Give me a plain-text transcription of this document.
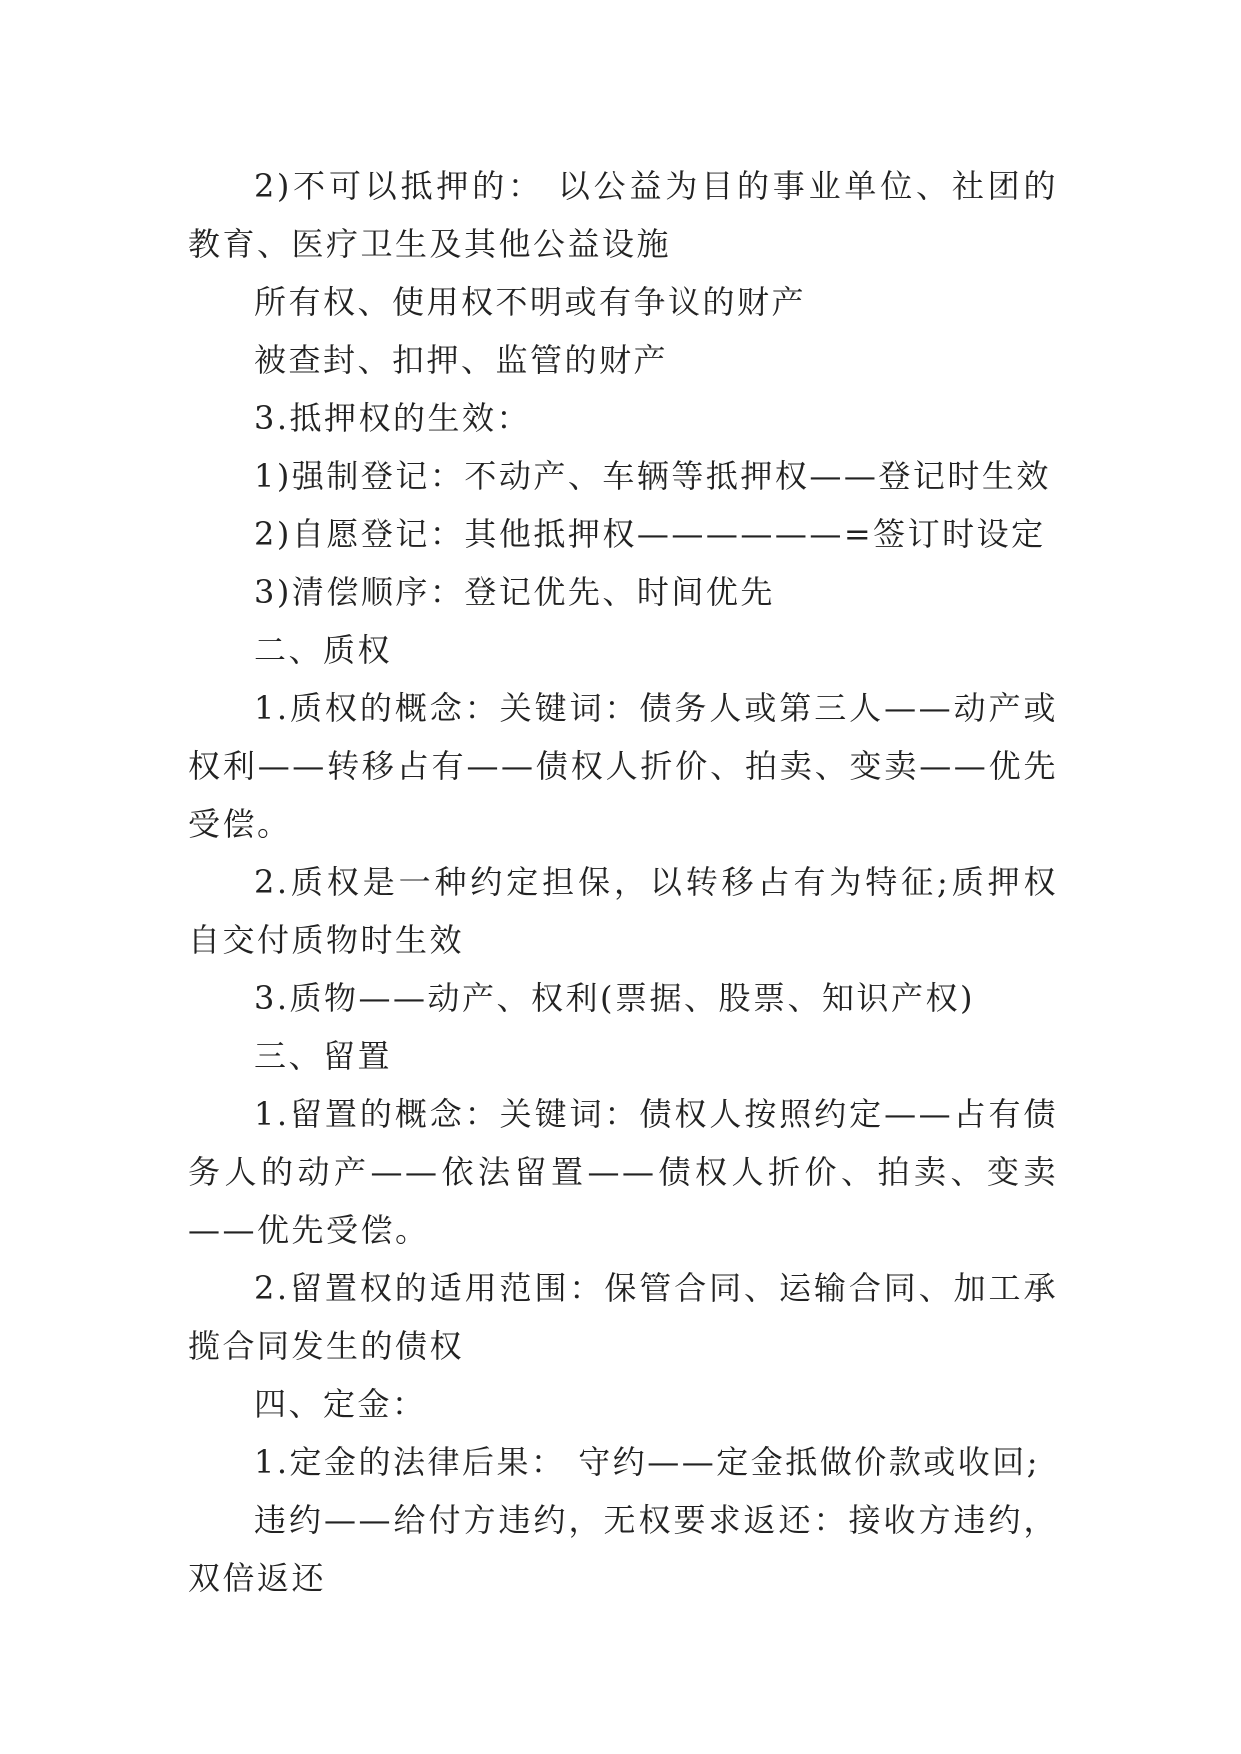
2)不可以抵押的： 以公益为目的事业单位、社团的教育、医疗卫生及其他公益设施

所有权、使用权不明或有争议的财产

被查封、扣押、监管的财产

3.抵押权的生效：

1)强制登记：不动产、车辆等抵押权——登记时生效

2)自愿登记：其他抵押权——————=签订时设定

3)清偿顺序：登记优先、时间优先

二、质权

1.质权的概念：关键词：债务人或第三人——动产或权利——转移占有——债权人折价、拍卖、变卖——优先受偿。

2.质权是一种约定担保，以转移占有为特征;质押权自交付质物时生效

3.质物——动产、权利(票据、股票、知识产权)

三、留置

1.留置的概念：关键词：债权人按照约定——占有债务人的动产——依法留置——债权人折价、拍卖、变卖——优先受偿。

2.留置权的适用范围：保管合同、运输合同、加工承揽合同发生的债权

四、定金：

1.定金的法律后果： 守约——定金抵做价款或收回;

违约——给付方违约，无权要求返还：接收方违约，双倍返还
